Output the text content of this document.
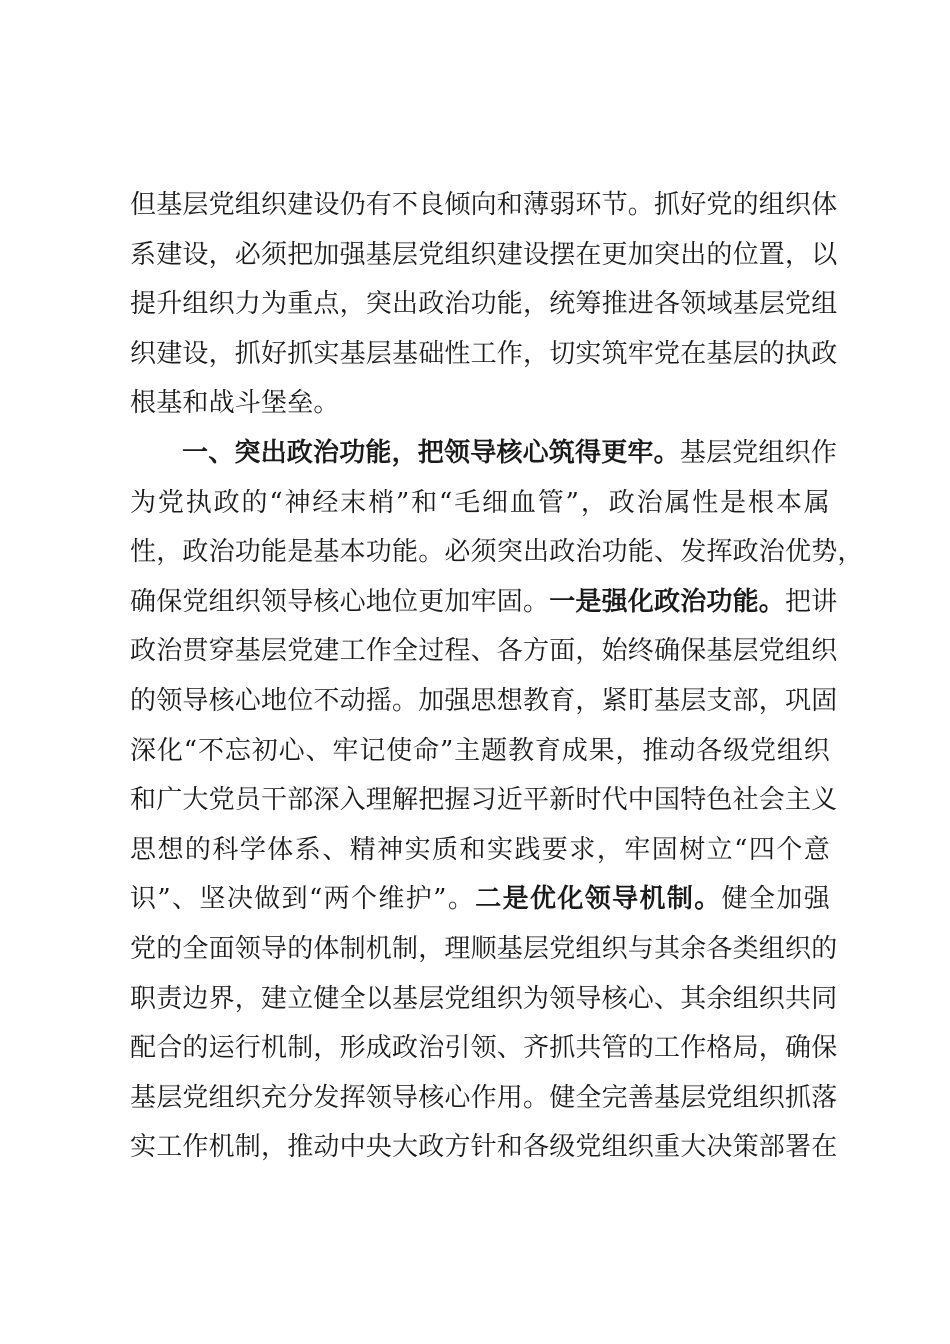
但基层党组织建设仍有不良倾向和薄弱环节。抓好党的组织体
系建设，必须把加强基层党组织建设摆在更加突出的位置，以
提升组织力为重点，突出政治功能，统筹推进各领域基层党组
织建设，抓好抓实基层基础性工作，切实筑牢党在基层的执政
根基和战斗堡垒。
一、突出政治功能，把领导核心筑得更牢。基层党组织作
为党执政的“神经末梢”和“毛细血管”，政治属性是根本属
性，政治功能是基本功能。必须突出政治功能、发挥政治优势，
确保党组织领导核心地位更加牢固。一是强化政治功能。把讲
政治贯穿基层党建工作全过程、各方面，始终确保基层党组织
的领导核心地位不动摇。加强思想教育，紧盯基层支部，巩固
深化“不忘初心、牢记使命”主题教育成果，推动各级党组织
和广大党员干部深入理解把握习近平新时代中国特色社会主义
思想的科学体系、精神实质和实践要求，牢固树立“四个意
识”、坚决做到“两个维护”。二是优化领导机制。健全加强
党的全面领导的体制机制，理顺基层党组织与其余各类组织的
职责边界，建立健全以基层党组织为领导核心、其余组织共同
配合的运行机制，形成政治引领、齐抓共管的工作格局，确保
基层党组织充分发挥领导核心作用。健全完善基层党组织抓落
实工作机制，推动中央大政方针和各级党组织重大决策部署在
